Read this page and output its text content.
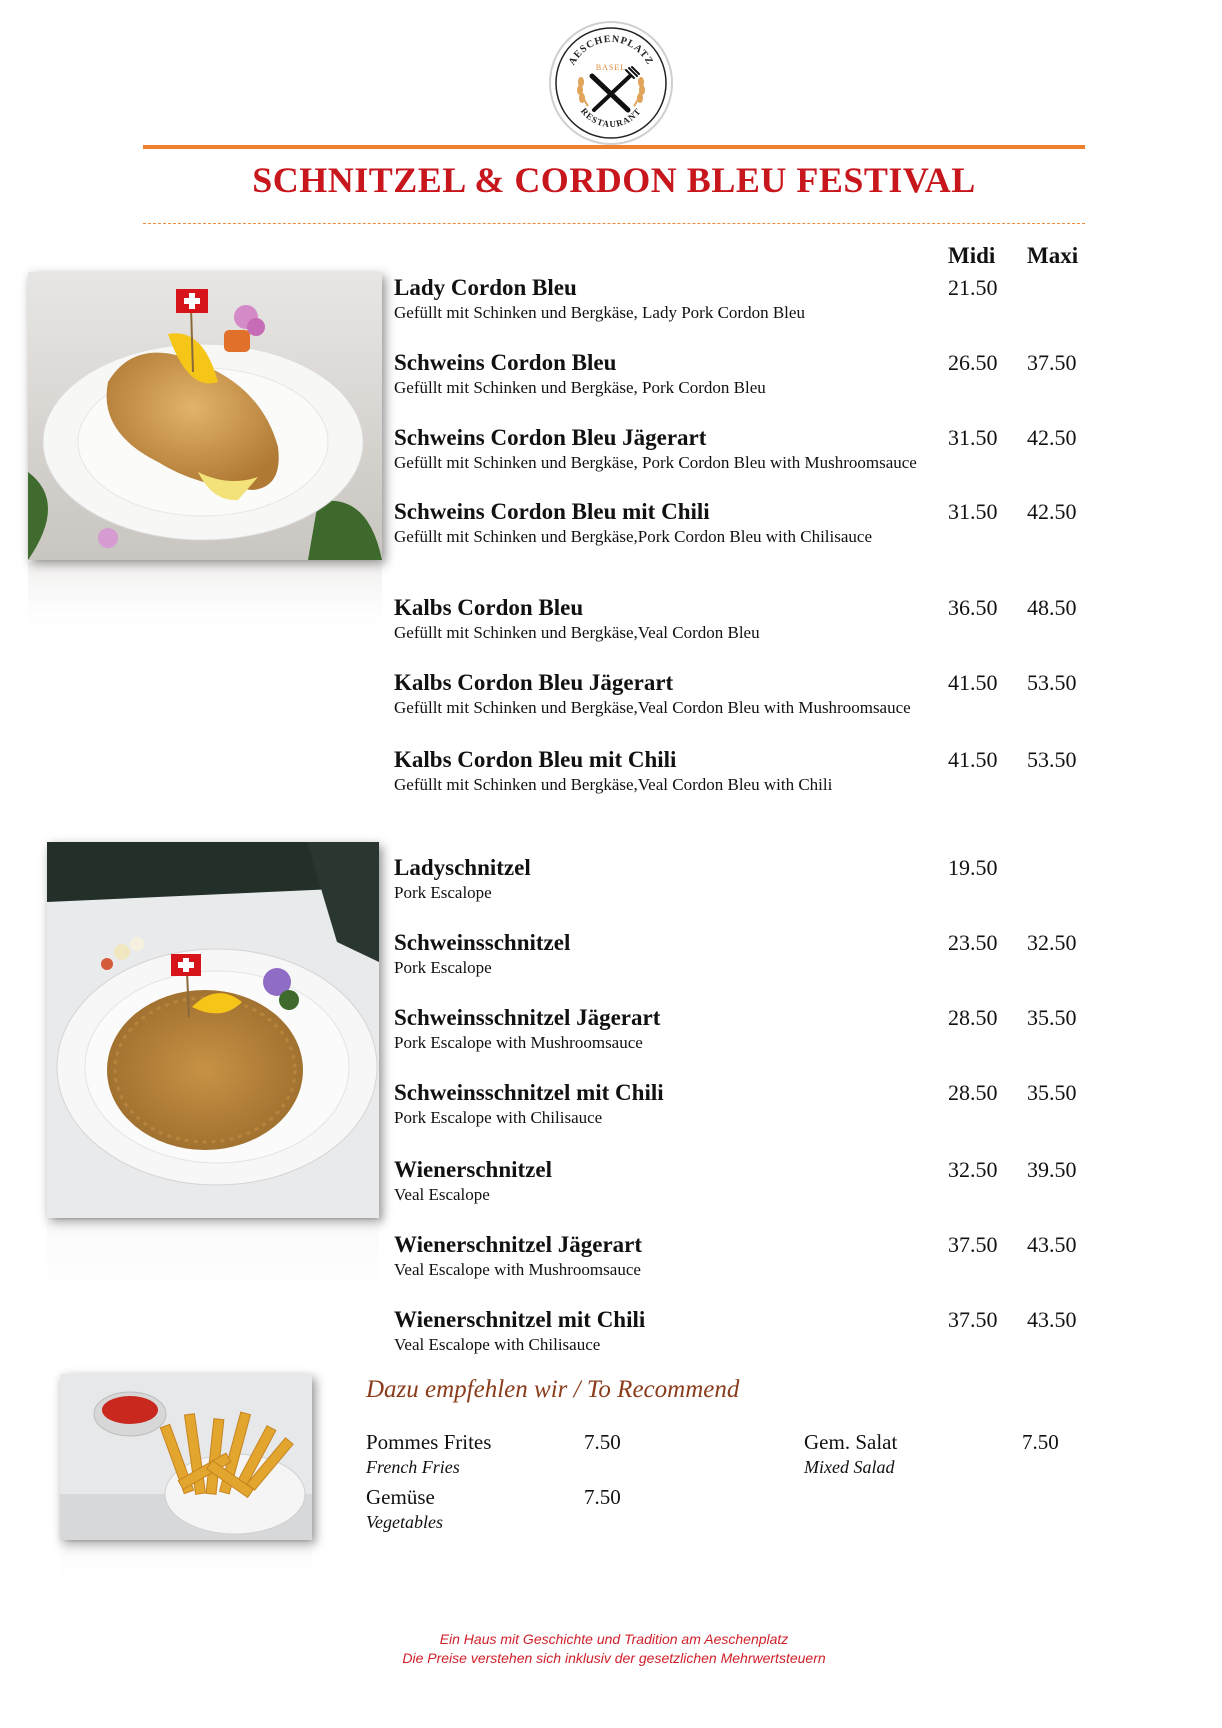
AESCHENPLATZ
RESTAURANT
BASEL
SCHNITZEL & CORDON BLEU FESTIVAL
Midi Maxi
Lady Cordon Bleu
Gefüllt mit Schinken und Bergkäse, Lady Pork Cordon Bleu
21.50
Schweins Cordon Bleu
Gefüllt mit Schinken und Bergkäse, Pork Cordon Bleu
26.50 37.50
Schweins Cordon Bleu Jägerart
Gefüllt mit Schinken und Bergkäse, Pork Cordon Bleu with Mushroomsauce
31.50 42.50
Schweins Cordon Bleu mit Chili
Gefüllt mit Schinken und Bergkäse,Pork Cordon Bleu with Chilisauce
31.50 42.50
Kalbs Cordon Bleu
Gefüllt mit Schinken und Bergkäse,Veal Cordon Bleu
36.50 48.50
Kalbs Cordon Bleu Jägerart
Gefüllt mit Schinken und Bergkäse,Veal Cordon Bleu with Mushroomsauce
41.50 53.50
Kalbs Cordon Bleu mit Chili
Gefüllt mit Schinken und Bergkäse,Veal Cordon Bleu with Chili
41.50 53.50
Ladyschnitzel
Pork Escalope
19.50
Schweinsschnitzel
Pork Escalope
23.50 32.50
Schweinsschnitzel Jägerart
Pork Escalope with Mushroomsauce
28.50 35.50
Schweinsschnitzel mit Chili
Pork Escalope with Chilisauce
28.50 35.50
Wienerschnitzel
Veal Escalope
32.50 39.50
Wienerschnitzel Jägerart
Veal Escalope with Mushroomsauce
37.50 43.50
Wienerschnitzel mit Chili
Veal Escalope with Chilisauce
37.50 43.50
Dazu empfehlen wir / To Recommend
Pommes Frites	7.50
French Fries
Gemüse	7.50
Vegetables
Gem. Salat	7.50
Mixed Salad
Ein Haus mit Geschichte und Tradition am Aeschenplatz
Die Preise verstehen sich inklusiv der gesetzlichen Mehrwertsteuern
